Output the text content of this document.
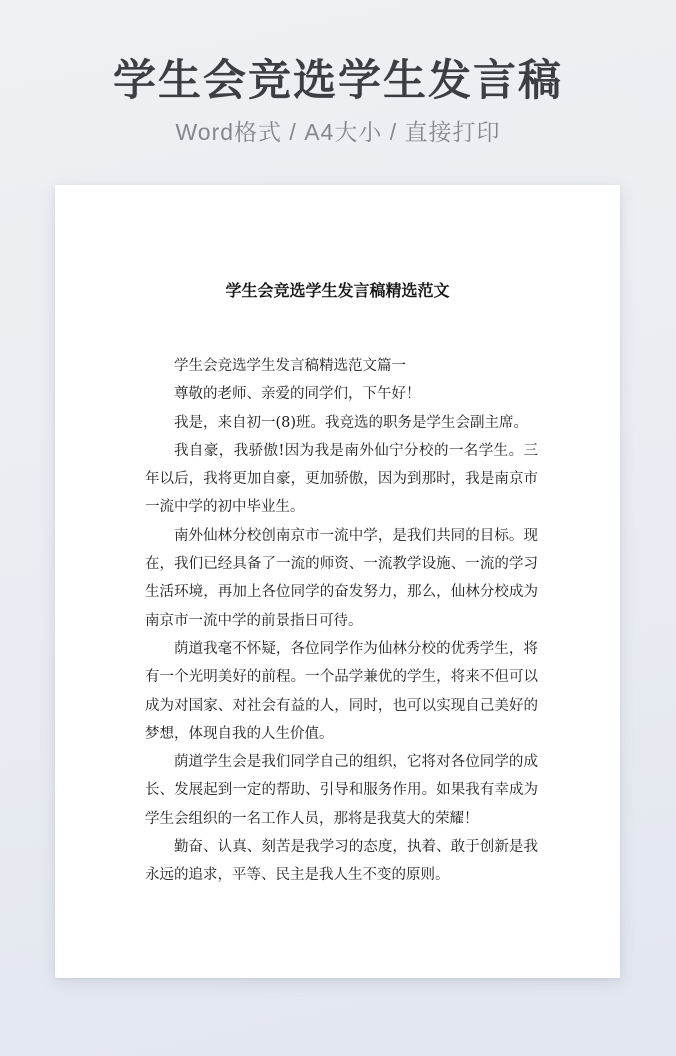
学生会竞选学生发言稿

Word格式 / A4大小 / 直接打印

学生会竞选学生发言稿精选范文

学生会竞选学生发言稿精选范文篇一

尊敬的老师、亲爱的同学们，下午好！

我是，来自初一(8)班。我竞选的职务是学生会副主席。

我自豪，我骄傲!因为我是南外仙宁分校的一名学生。三年以后，我将更加自豪，更加骄傲，因为到那时，我是南京市一流中学的初中毕业生。

南外仙林分校创南京市一流中学，是我们共同的目标。现在，我们已经具备了一流的师资、一流教学设施、一流的学习生活环境，再加上各位同学的奋发努力，那么，仙林分校成为南京市一流中学的前景指日可待。

荫道我毫不怀疑，各位同学作为仙林分校的优秀学生，将有一个光明美好的前程。一个品学兼优的学生，将来不但可以成为对国家、对社会有益的人，同时，也可以实现自己美好的梦想，体现自我的人生价值。

荫道学生会是我们同学自己的组织，它将对各位同学的成长、发展起到一定的帮助、引导和服务作用。如果我有幸成为学生会组织的一名工作人员，那将是我莫大的荣耀！

勤奋、认真、刻苦是我学习的态度，执着、敢于创新是我永远的追求，平等、民主是我人生不变的原则。
